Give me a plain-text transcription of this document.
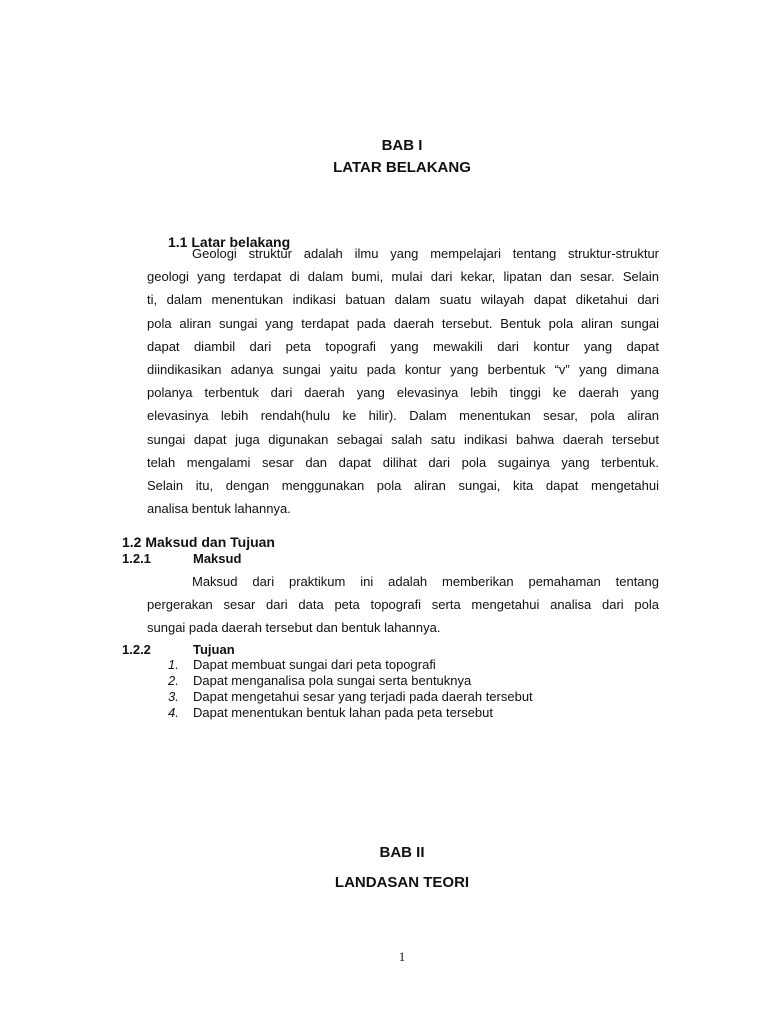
BAB I
LATAR BELAKANG
1.1 Latar belakang
Geologi struktur adalah ilmu yang mempelajari tentang struktur-struktur
geologi yang terdapat di dalam bumi, mulai dari kekar, lipatan dan sesar. Selain
ti, dalam menentukan indikasi batuan dalam suatu wilayah dapat diketahui dari
pola aliran sungai yang terdapat pada daerah tersebut. Bentuk pola aliran sungai
dapat diambil dari peta topografi yang mewakili dari kontur yang dapat
diindikasikan adanya sungai yaitu pada kontur yang berbentuk “v” yang dimana
polanya terbentuk dari daerah yang elevasinya lebih tinggi ke daerah yang
elevasinya lebih rendah(hulu ke hilir). Dalam menentukan sesar, pola aliran
sungai dapat juga digunakan sebagai salah satu indikasi bahwa daerah tersebut
telah mengalami sesar dan dapat dilihat dari pola sugainya yang terbentuk.
Selain itu, dengan menggunakan pola aliran sungai, kita dapat mengetahui
analisa bentuk lahannya.
1.2 Maksud dan Tujuan
1.2.1	Maksud
Maksud dari praktikum ini adalah memberikan pemahaman tentang
pergerakan sesar dari data peta topografi serta mengetahui analisa dari pola
sungai pada daerah tersebut dan bentuk lahannya.
1.2.2	Tujuan
1. Dapat membuat sungai dari peta topografi
2. Dapat menganalisa pola sungai serta bentuknya
3. Dapat mengetahui sesar yang terjadi pada daerah tersebut
4. Dapat menentukan bentuk lahan pada peta tersebut
BAB II
LANDASAN TEORI
1
